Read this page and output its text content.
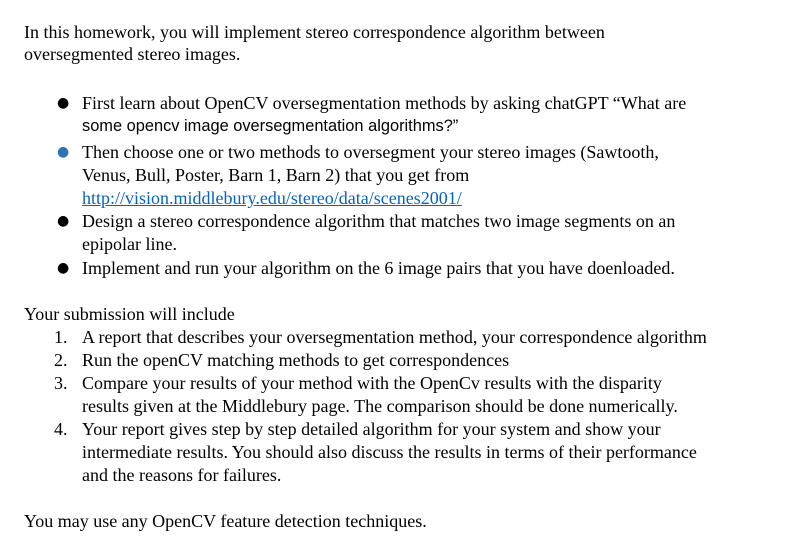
In this homework, you will implement stereo correspondence algorithm between
oversegmented stereo images.

● First learn about OpenCV oversegmentation methods by asking chatGPT “What are
some opencv image oversegmentation algorithms?”
● Then choose one or two methods to oversegment your stereo images (Sawtooth,
Venus, Bull, Poster, Barn 1, Barn 2) that you get from
http://vision.middlebury.edu/stereo/data/scenes2001/
● Design a stereo correspondence algorithm that matches two image segments on an
epipolar line.
● Implement and run your algorithm on the 6 image pairs that you have doenloaded.

Your submission will include

1. A report that describes your oversegmentation method, your correspondence algorithm
2. Run the openCV matching methods to get correspondences
3. Compare your results of your method with the OpenCv results with the disparity
results given at the Middlebury page. The comparison should be done numerically.
4. Your report gives step by step detailed algorithm for your system and show your
intermediate results. You should also discuss the results in terms of their performance
and the reasons for failures.

You may use any OpenCV feature detection techniques.
